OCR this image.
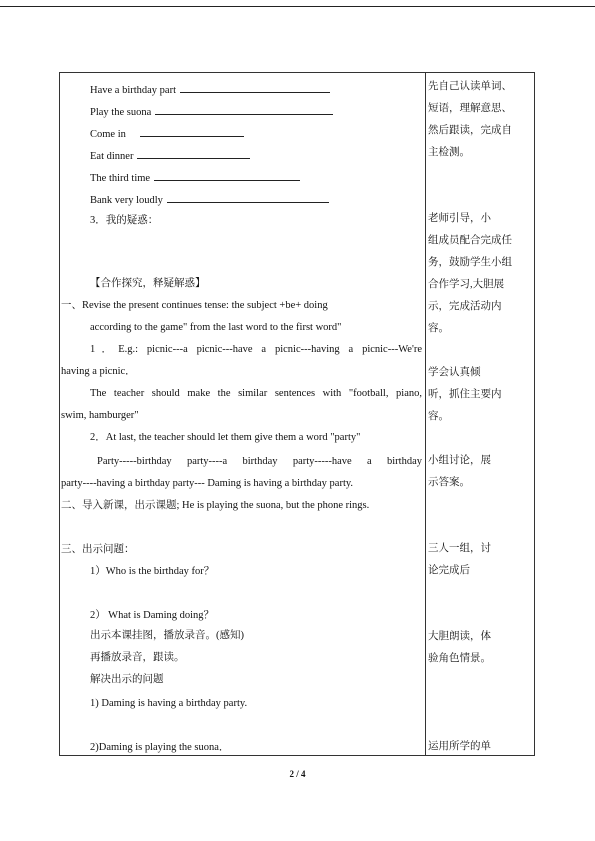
Have a birthday part
Play the suona
Come in
Eat dinner
The third time
Bank very loudly
3．我的疑惑：
【合作探究，释疑解惑】
一、Revise the present continues tense: the subject +be+ doing
according to the game" from the last word to the first word"
1．E.g.: picnic---a picnic---have a picnic---having a picnic---We're
having a picnic．
The teacher should make the similar sentences with "football, piano,
swim, hamburger"
2．At last, the teacher should let them give them a word "party"
Party-----birthday party----a birthday party-----have a birthday
party----having a birthday party--- Daming is having a birthday party.
二、导入新课，出示课题; He is playing the suona, but the phone rings.
三、出示问题：
1）Who is the birthday for？
2） What is Daming doing？
出示本课挂图，播放录音。(感知)
再播放录音，跟读。
解决出示的问题
1) Daming is having a birthday party.
2)Daming is playing the suona．
先自己认读单词、
短语，理解意思、
然后跟读，完成自
主检测。
老师引导，小
组成员配合完成任
务，鼓励学生小组
合作学习,大胆展
示，完成活动内
容。
学会认真倾
听，抓住主要内
容。
小组讨论，展
示答案。
三人一组，讨
论完成后
大胆朗读，体
验角色情景。
运用所学的单
2 / 4
